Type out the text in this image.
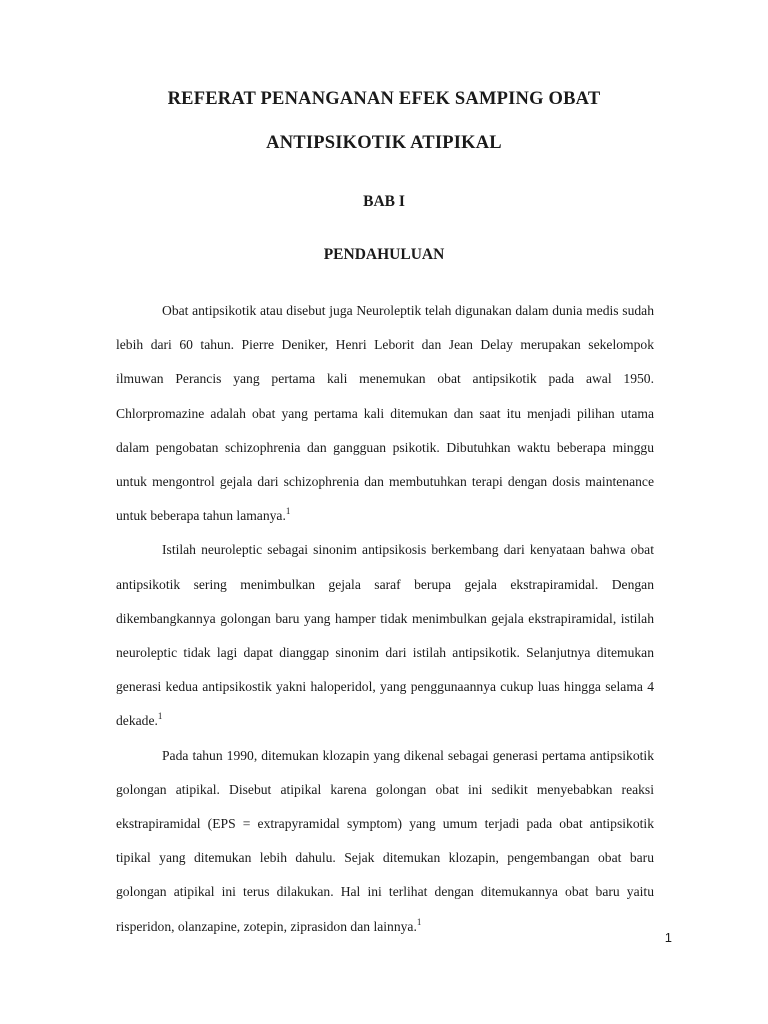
REFERAT PENANGANAN EFEK SAMPING OBAT
ANTIPSIKOTIK ATIPIKAL
BAB I
PENDAHULUAN

Obat antipsikotik atau disebut juga Neuroleptik telah digunakan dalam dunia medis sudah lebih dari 60 tahun. Pierre Deniker, Henri Leborit dan Jean Delay merupakan sekelompok ilmuwan Perancis yang pertama kali menemukan obat antipsikotik pada awal 1950. Chlorpromazine adalah obat yang pertama kali ditemukan dan saat itu menjadi pilihan utama dalam pengobatan schizophrenia dan gangguan psikotik. Dibutuhkan waktu beberapa minggu untuk mengontrol gejala dari schizophrenia dan membutuhkan terapi dengan dosis maintenance untuk beberapa tahun lamanya.$^1$

Istilah neuroleptic sebagai sinonim antipsikosis berkembang dari kenyataan bahwa obat antipsikotik sering menimbulkan gejala saraf berupa gejala ekstrapiramidal. Dengan dikembangkannya golongan baru yang hamper tidak menimbulkan gejala ekstrapiramidal, istilah neuroleptic tidak lagi dapat dianggap sinonim dari istilah antipsikotik. Selanjutnya ditemukan generasi kedua antipsikostik yakni haloperidol, yang penggunaannya cukup luas hingga selama 4 dekade.$^1$

Pada tahun 1990, ditemukan klozapin yang dikenal sebagai generasi pertama antipsikotik golongan atipikal. Disebut atipikal karena golongan obat ini sedikit menyebabkan reaksi ekstrapiramidal (EPS = extrapyramidal symptom) yang umum terjadi pada obat antipsikotik tipikal yang ditemukan lebih dahulu. Sejak ditemukan klozapin, pengembangan obat baru golongan atipikal ini terus dilakukan. Hal ini terlihat dengan ditemukannya obat baru yaitu risperidon, olanzapine, zotepin, ziprasidon dan lainnya.$^1$

1
